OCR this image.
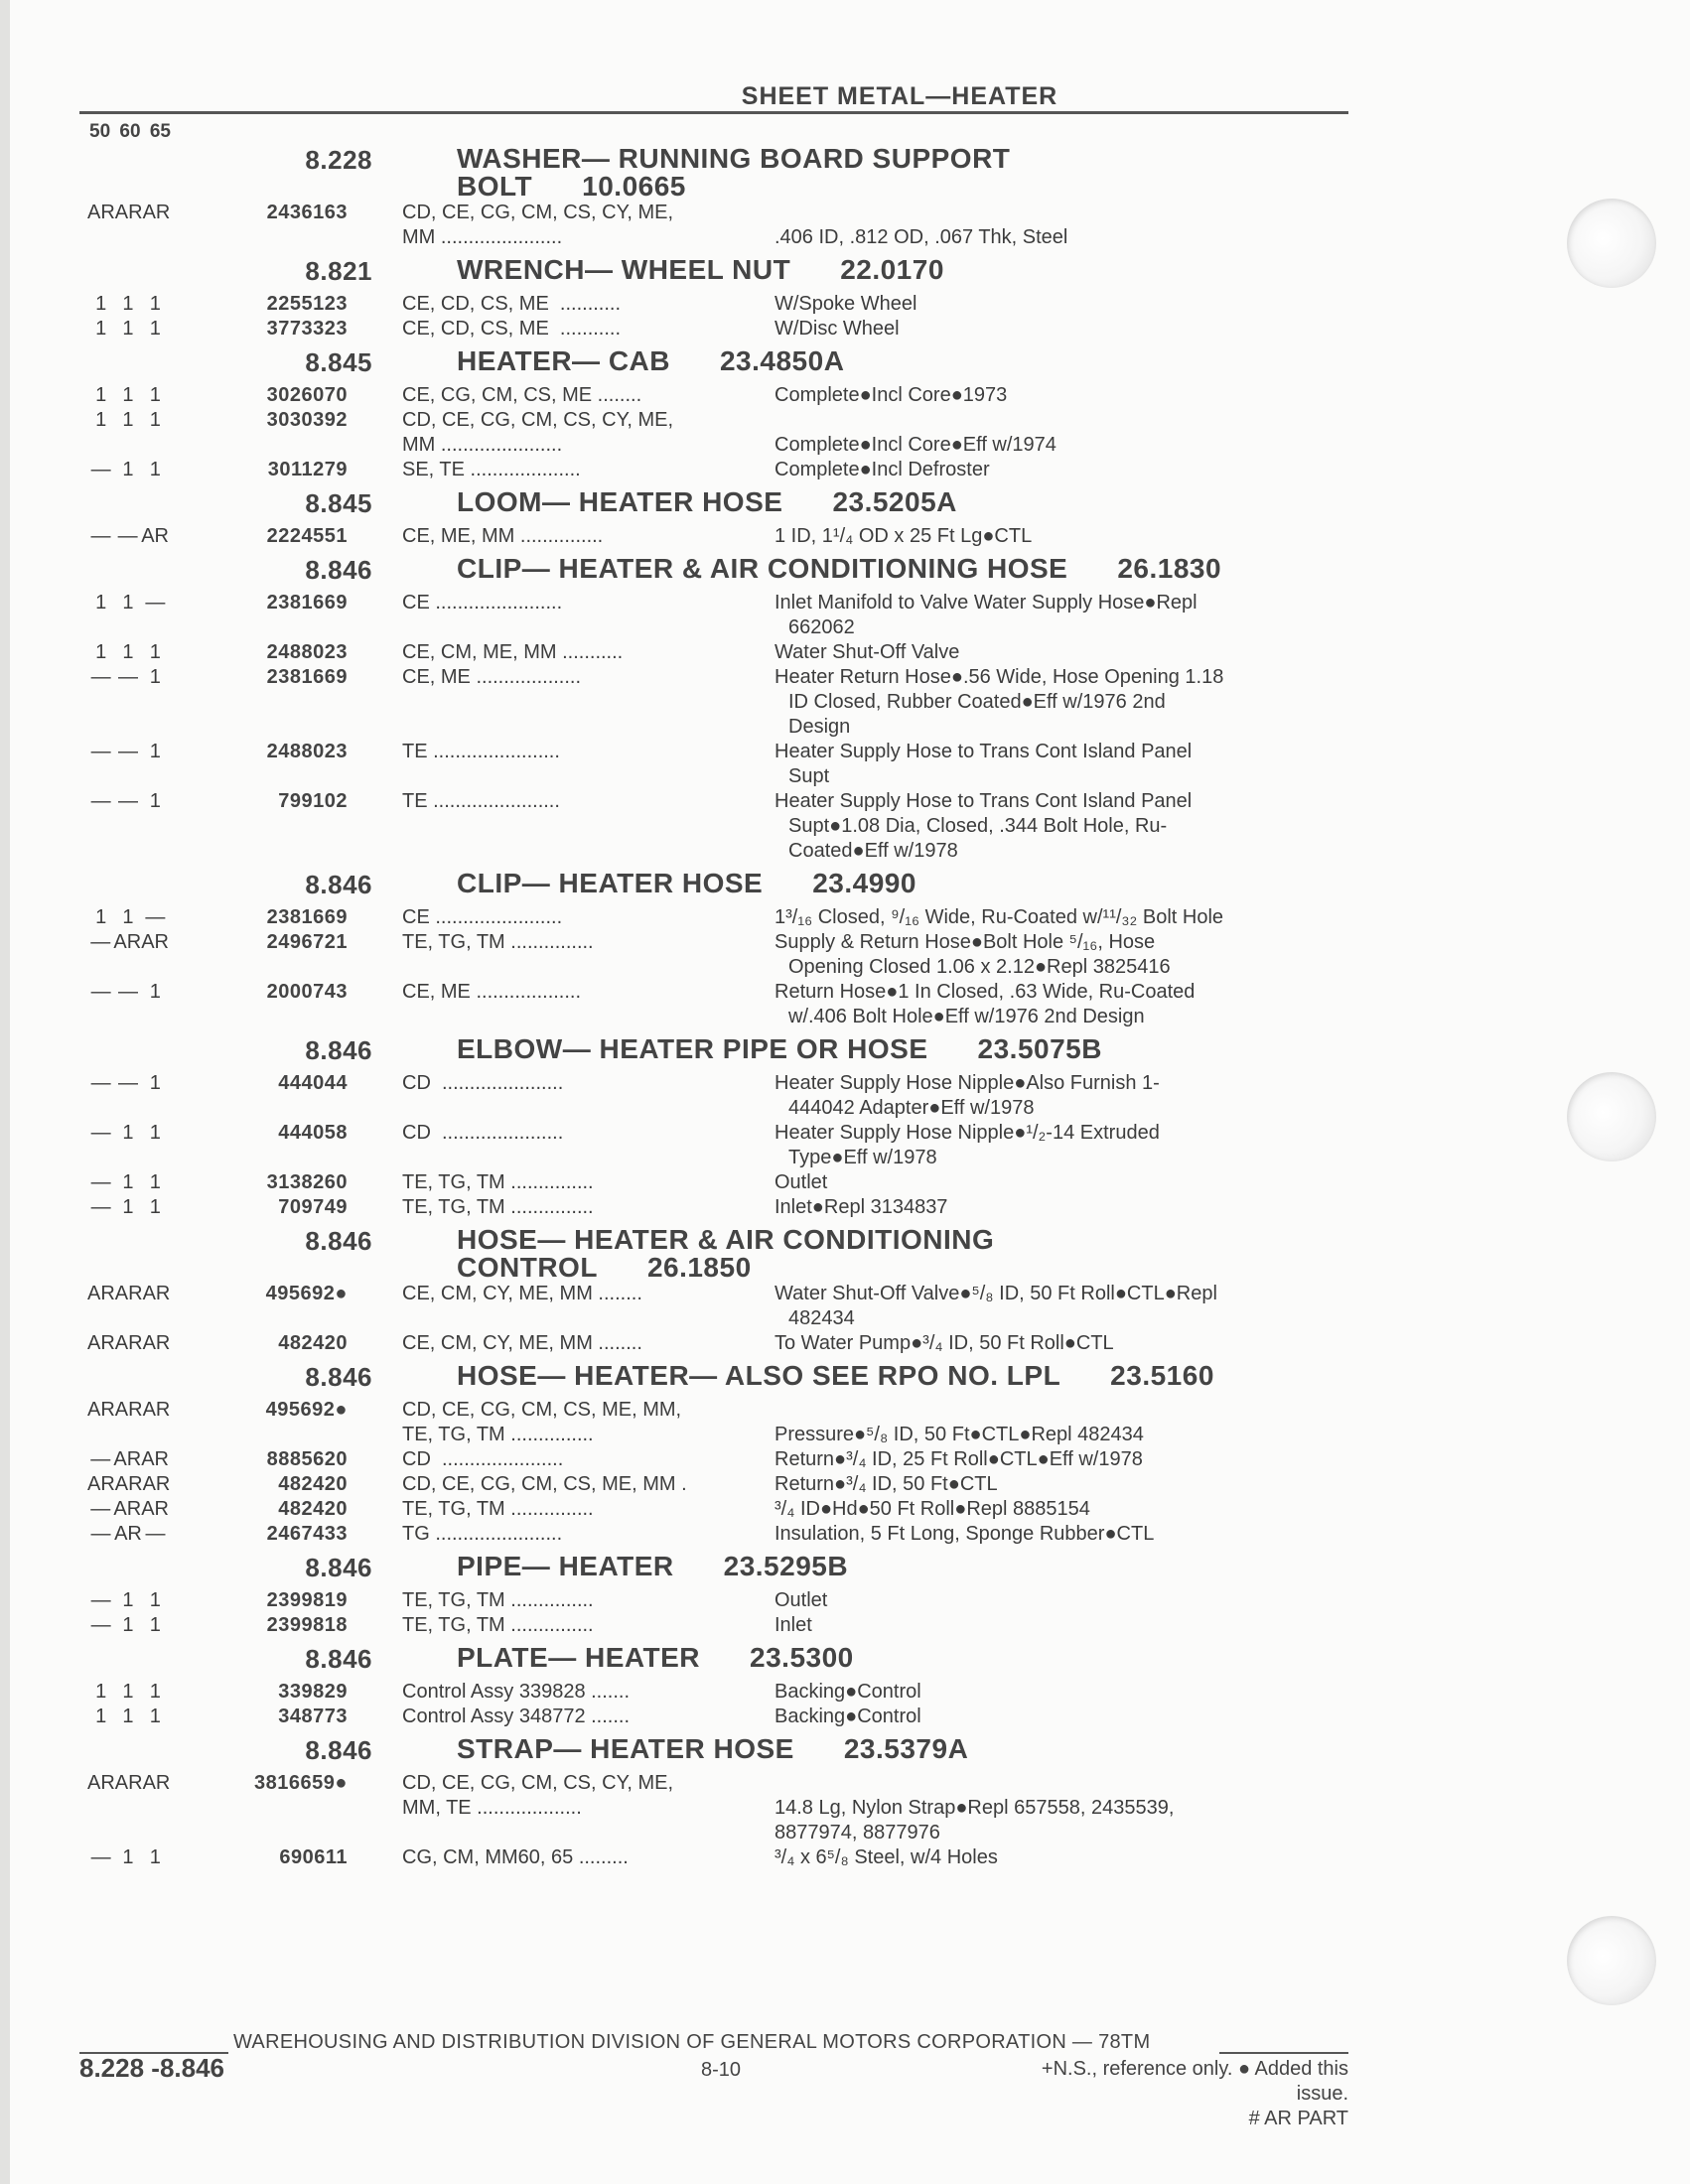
SHEET METAL—HEATER
50 60 65
8.228	WASHER— RUNNING BOARD SUPPORT
BOLT 10.0665
AR AR AR	2436163	CD, CE, CG, CM, CS, CY, ME,
MM ......................
	.406 ID, .812 OD, .067 Thk, Steel
8.821	WRENCH— WHEEL NUT 22.0170
1 1 1	2255123	CE, CD, CS, ME  ...........	W/Spoke Wheel
1 1 1	3773323	CE, CD, CS, ME  ...........	W/Disc Wheel
8.845	HEATER— CAB 23.4850A
1 1 1	3026070	CE, CG, CM, CS, ME ........	Complete●Incl Core●1973
1 1 1	3030392	CD, CE, CG, CM, CS, CY, ME,
MM ......................
	Complete●Incl Core●Eff w/1974
— 1 1	3011279	SE, TE ....................	Complete●Incl Defroster
8.845	LOOM— HEATER HOSE 23.5205A
— — AR	2224551	CE, ME, MM ...............	1 ID, 1¹/₄ OD x 25 Ft Lg●CTL
8.846	CLIP— HEATER & AIR CONDITIONING HOSE 26.1830
1 1 —	2381669	CE .......................	Inlet Manifold to Valve Water Supply Hose●Repl
662062
1 1 1	2488023	CE, CM, ME, MM ...........	Water Shut-Off Valve
— — 1	2381669	CE, ME ...................	Heater Return Hose●.56 Wide, Hose Opening 1.18
ID Closed, Rubber Coated●Eff w/1976 2nd
Design
— — 1	2488023	TE .......................	Heater Supply Hose to Trans Cont Island Panel
Supt
— — 1	799102	TE .......................	Heater Supply Hose to Trans Cont Island Panel
Supt●1.08 Dia, Closed, .344 Bolt Hole, Ru-
Coated●Eff w/1978
8.846	CLIP— HEATER HOSE 23.4990
1 1 —	2381669	CE .......................	1³/₁₆ Closed, ⁹/₁₆ Wide, Ru-Coated w/¹¹/₃₂ Bolt Hole
— AR AR	2496721	TE, TG, TM ...............	Supply & Return Hose●Bolt Hole ⁵/₁₆, Hose
Opening Closed 1.06 x 2.12●Repl 3825416
— — 1	2000743	CE, ME ...................	Return Hose●1 In Closed, .63 Wide, Ru-Coated
w/.406 Bolt Hole●Eff w/1976 2nd Design
8.846	ELBOW— HEATER PIPE OR HOSE 23.5075B
— — 1	444044	CD  ......................	Heater Supply Hose Nipple●Also Furnish 1-
444042 Adapter●Eff w/1978
— 1 1	444058	CD  ......................	Heater Supply Hose Nipple●¹/₂-14 Extruded
Type●Eff w/1978
— 1 1	3138260	TE, TG, TM ...............	Outlet
— 1 1	709749	TE, TG, TM ...............	Inlet●Repl 3134837
8.846	HOSE— HEATER & AIR CONDITIONING
CONTROL 26.1850
AR AR AR	495692●	CE, CM, CY, ME, MM ........	Water Shut-Off Valve●⁵/₈ ID, 50 Ft Roll●CTL●Repl
482434
AR AR AR	482420	CE, CM, CY, ME, MM ........	To Water Pump●³/₄ ID, 50 Ft Roll●CTL
8.846	HOSE— HEATER— ALSO SEE RPO NO. LPL 23.5160
AR AR AR	495692●	CD, CE, CG, CM, CS, ME, MM,
TE, TG, TM ...............
	Pressure●⁵/₈ ID, 50 Ft●CTL●Repl 482434
— AR AR	8885620	CD  ......................	Return●³/₄ ID, 25 Ft Roll●CTL●Eff w/1978
AR AR AR	482420	CD, CE, CG, CM, CS, ME, MM .	Return●³/₄ ID, 50 Ft●CTL
— AR AR	482420	TE, TG, TM ...............	³/₄ ID●Hd●50 Ft Roll●Repl 8885154
— AR —	2467433	TG .......................	Insulation, 5 Ft Long, Sponge Rubber●CTL
8.846	PIPE— HEATER 23.5295B
— 1 1	2399819	TE, TG, TM ...............	Outlet
— 1 1	2399818	TE, TG, TM ...............	Inlet
8.846	PLATE— HEATER 23.5300
1 1 1	339829	Control Assy 339828 .......	Backing●Control
1 1 1	348773	Control Assy 348772 .......	Backing●Control
8.846	STRAP— HEATER HOSE 23.5379A
AR AR AR	3816659●	CD, CE, CG, CM, CS, CY, ME,
MM, TE ...................
	14.8 Lg, Nylon Strap●Repl 657558, 2435539,
8877974, 8877976
— 1 1	690611	CG, CM, MM60, 65 .........	³/₄ x 6⁵/₈ Steel, w/4 Holes
WAREHOUSING AND DISTRIBUTION DIVISION OF GENERAL MOTORS CORPORATION — 78TM
8.228 -8.846	8-10	+N.S., reference only. ● Added this issue.
# AR PART
